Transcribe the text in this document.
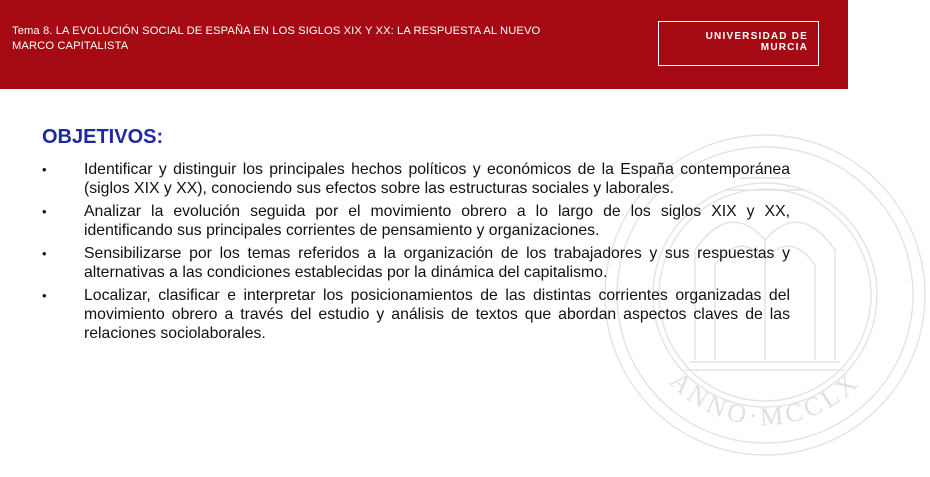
Tema 8. LA EVOLUCIÓN SOCIAL DE ESPAÑA EN LOS SIGLOS XIX Y XX: LA RESPUESTA AL NUEVO
MARCO CAPITALISTA
UNIVERSIDAD DE
MURCIA
ANNO·MCCLX
OBJETIVOS:
•	Identificar y distinguir los principales hechos políticos y económicos de la España contemporánea (siglos XIX y XX), conociendo sus efectos sobre las estructuras sociales y laborales.
•	Analizar la evolución seguida por el movimiento obrero a lo largo de los siglos XIX y XX, identificando sus principales corrientes de pensamiento y organizaciones.
•	Sensibilizarse por los temas referidos a la organización de los trabajadores y sus respuestas y alternativas a las condiciones establecidas por la dinámica del capitalismo.
•	Localizar, clasificar e interpretar los posicionamientos de las distintas corrientes organizadas del movimiento obrero a través del estudio y análisis de textos que abordan aspectos claves de las relaciones sociolaborales.
